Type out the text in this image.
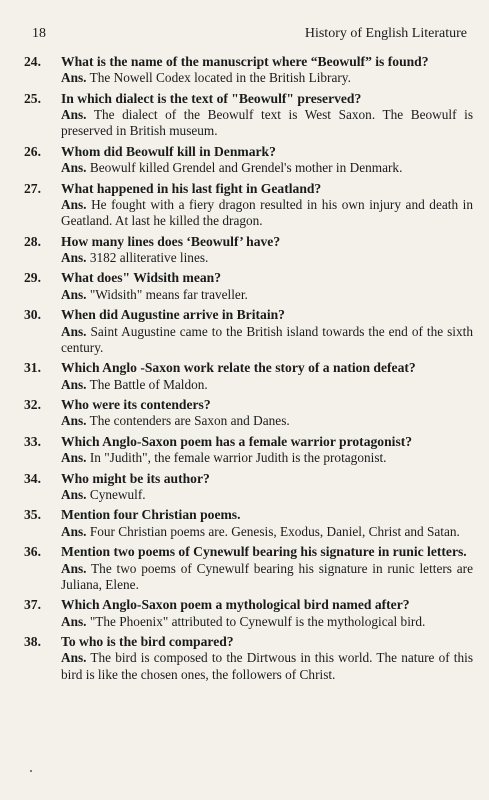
18	History of English Literature
24. What is the name of the manuscript where “Beowulf” is found?
Ans. The Nowell Codex located in the British Library.
25. In which dialect is the text of "Beowulf" preserved?
Ans. The dialect of the Beowulf text is West Saxon. The Beowulf is preserved in British museum.
26. Whom did Beowulf kill in Denmark?
Ans. Beowulf killed Grendel and Grendel's mother in Denmark.
27. What happened in his last fight in Geatland?
Ans. He fought with a fiery dragon resulted in his own injury and death in Geatland. At last he killed the dragon.
28. How many lines does ‘Beowulf’ have?
Ans. 3182 alliterative lines.
29. What does" Widsith mean?
Ans. "Widsith" means far traveller.
30. When did Augustine arrive in Britain?
Ans. Saint Augustine came to the British island towards the end of the sixth century.
31. Which Anglo -Saxon work relate the story of a nation defeat?
Ans. The Battle of Maldon.
32. Who were its contenders?
Ans. The contenders are Saxon and Danes.
33. Which Anglo-Saxon poem has a female warrior protagonist?
Ans. In "Judith", the female warrior Judith is the protagonist.
34. Who might be its author?
Ans. Cynewulf.
35. Mention four Christian poems.
Ans. Four Christian poems are. Genesis, Exodus, Daniel, Christ and Satan.
36. Mention two poems of Cynewulf bearing his signature in runic letters.
Ans. The two poems of Cynewulf bearing his signature in runic letters are Juliana, Elene.
37. Which Anglo-Saxon poem a mythological bird named after?
Ans. "The Phoenix" attributed to Cynewulf is the mythological bird.
38. To who is the bird compared?
Ans. The bird is composed to the Dirtwous in this world. The nature of this bird is like the chosen ones, the followers of Christ.
